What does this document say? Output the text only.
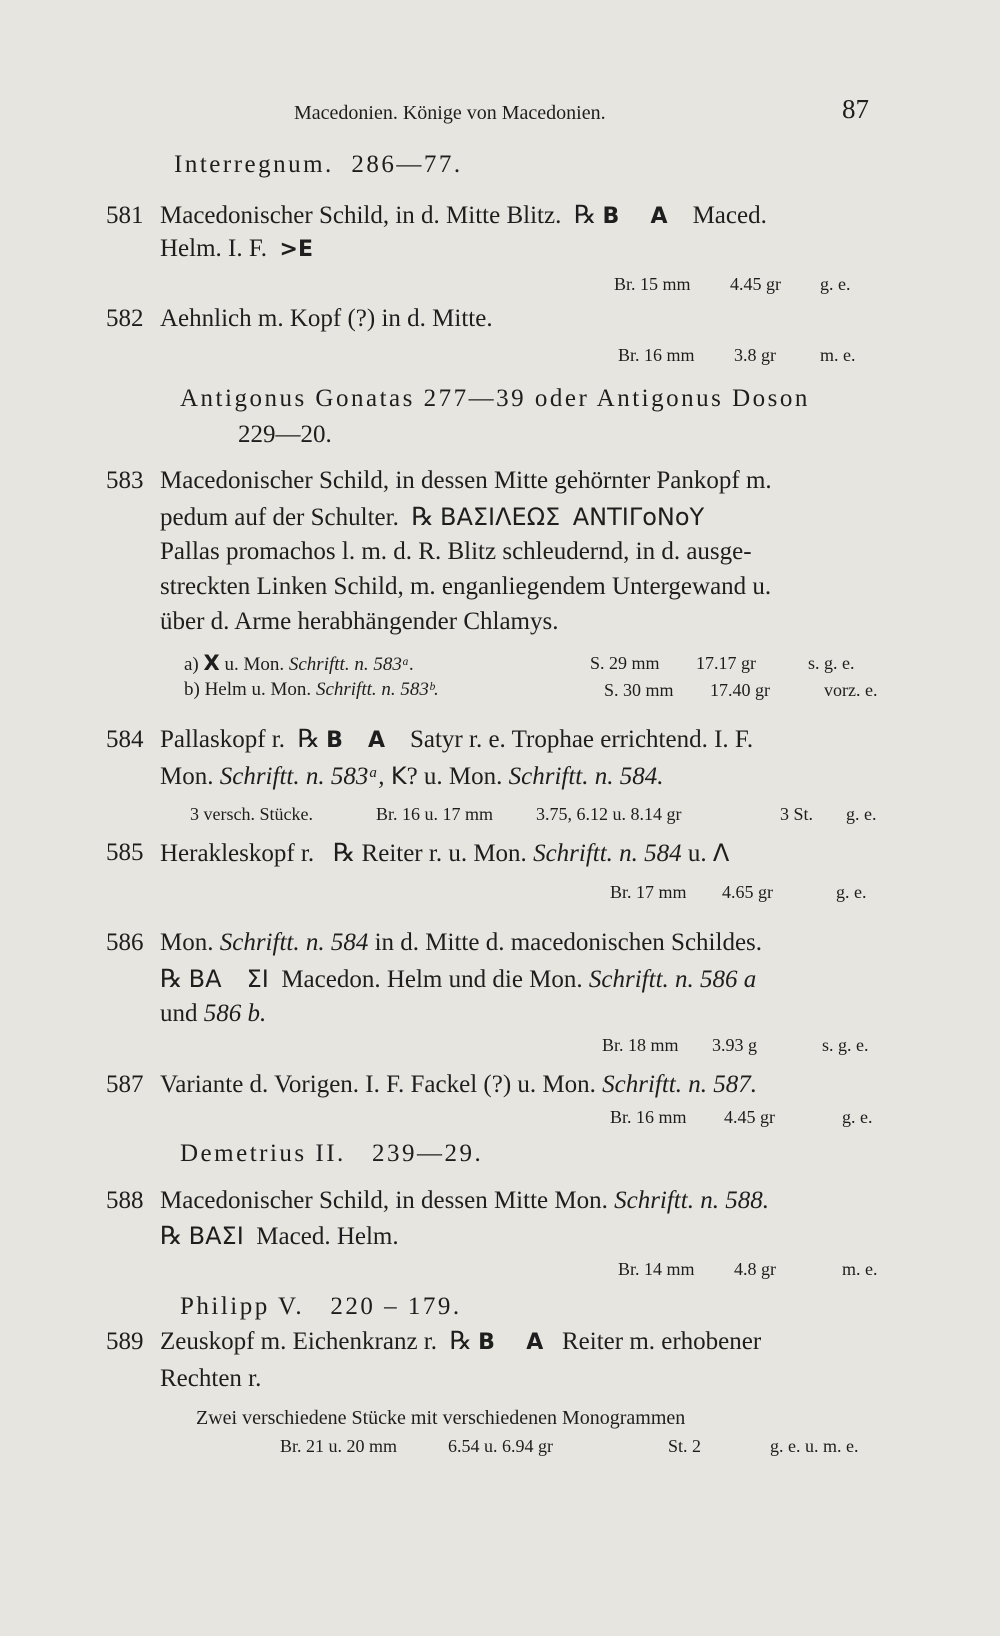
Macedonien. Könige von Macedonien.	87
Interregnum. 286—77.
581 Macedonischer Schild, in d. Mitte Blitz. ℞ B A Maced.
Helm. I. F. >E
Br. 15 mm 4.45 gr g. e.
582 Aehnlich m. Kopf (?) in d. Mitte.
Br. 16 mm 3.8 gr m. e.
Antigonus Gonatas 277—39 oder Antigonus Doson
229—20.
583 Macedonischer Schild, in dessen Mitte gehörnter Pankopf m.
pedum auf der Schulter. ℞ ΒΑΣΙΛΕΩΣ ΑΝΤΙΓoΝoY
Pallas promachos l. m. d. R. Blitz schleudernd, in d. ausge-
streckten Linken Schild, m. enganliegendem Untergewand u.
über d. Arme herabhängender Chlamys.
a) X u. Mon. Schriftt. n. 583ᵃ.	S. 29 mm 17.17 gr	s. g. e.
b) Helm u. Mon. Schriftt. n. 583ᵇ.	S. 30 mm 17.40 gr	vorz. e.
584 Pallaskopf r. ℞ B A Satyr r. e. Trophae errichtend. I. F.
Mon. Schriftt. n. 583ᵃ, K? u. Mon. Schriftt. n. 584.
3 versch. Stücke.	Br. 16 u. 17 mm 3.75, 6.12 u. 8.14 gr	3 St. g. e.
585 Herakleskopf r. ℞ Reiter r. u. Mon. Schriftt. n. 584 u. Λ
Br. 17 mm 4.65 gr	g. e.
586 Mon. Schriftt. n. 584 in d. Mitte d. macedonischen Schildes.
℞ BA ΣI Macedon. Helm und die Mon. Schriftt. n. 586 a
und 586 b.
Br. 18 mm 3.93 g	s. g. e.
587 Variante d. Vorigen. I. F. Fackel (?) u. Mon. Schriftt. n. 587.
Br. 16 mm 4.45 gr	g. e.
Demetrius II. 239—29.
588 Macedonischer Schild, in dessen Mitte Mon. Schriftt. n. 588.
℞ ΒΑΣΙ Maced. Helm.
Br. 14 mm 4.8 gr	m. e.
Philipp V. 220 – 179.
589 Zeuskopf m. Eichenkranz r. ℞ B A Reiter m. erhobener
Rechten r.
Zwei verschiedene Stücke mit verschiedenen Monogrammen
Br. 21 u. 20 mm	6.54 u. 6.94 gr	St. 2	g. e. u. m. e.
